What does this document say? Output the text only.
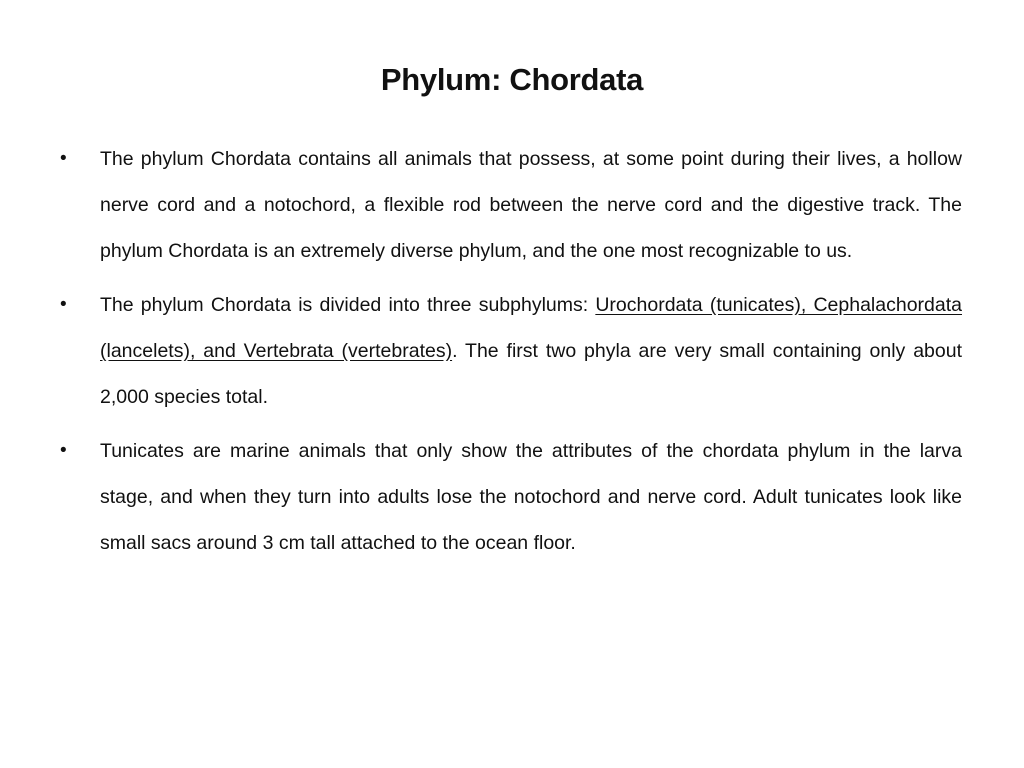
Phylum: Chordata
• The phylum Chordata contains all animals that possess, at some point during their lives, a hollow nerve cord and a notochord, a flexible rod between the nerve cord and the digestive track. The phylum Chordata is an extremely diverse phylum, and the one most recognizable to us.
• The phylum Chordata is divided into three subphylums: Urochordata (tunicates), Cephalachordata (lancelets), and Vertebrata (vertebrates). The first two phyla are very small containing only about 2,000 species total.
• Tunicates are marine animals that only show the attributes of the chordata phylum in the larva stage, and when they turn into adults lose the notochord and nerve cord. Adult tunicates look like small sacs around 3 cm tall attached to the ocean floor.
